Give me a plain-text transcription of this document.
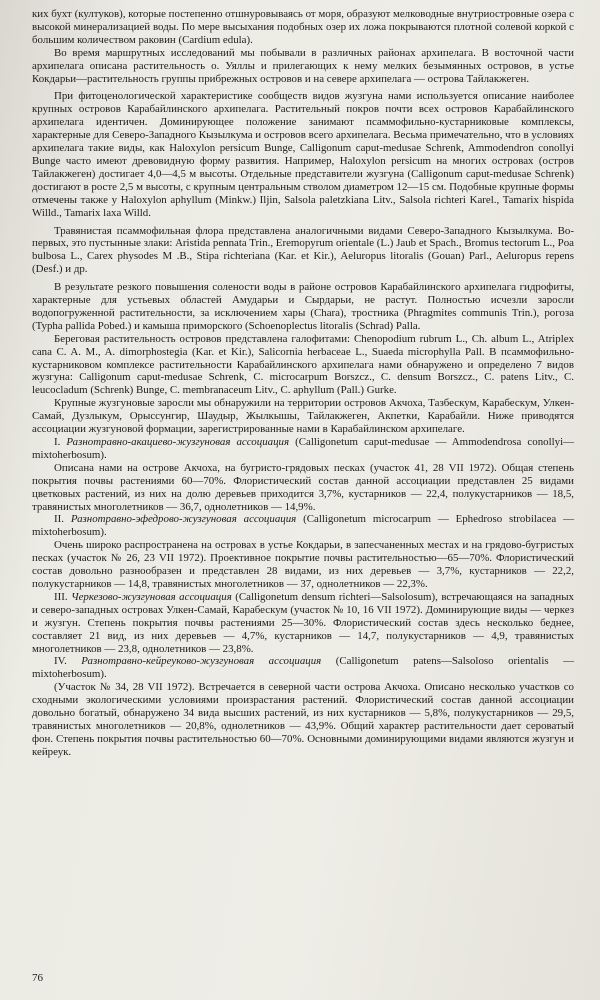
ких бухт (култуков), которые постепенно отшнуровываясь от моря, образуют мелководные внутриостровные озера с высокой минерализацией воды. По мере высыхания подобных озер их ложа покрываются плотной солевой коркой с большим количеством раковин (Cardium edula).

Во время маршрутных исследований мы побывали в различных районах архипелага. В восточной части архипелага описана растительность о. Уяллы и прилегающих к нему мелких безымянных островов, в устье Кокдарьи—растительность группы прибрежных островов и на севере архипелага — острова Тайлакжеген.

При фитоценологической характеристике сообществ видов жузгуна нами используется описание наиболее крупных островов Карабайлинского архипелага. Растительный покров почти всех островов Карабайлинского архипелага идентичен. Доминирующее положение занимают псаммофильно-кустарниковые комплексы, характерные для Северо-Западного Кызылкума и островов всего архипелага. Весьма примечательно, что в условиях архипелага такие виды, как Haloxylon persicum Bunge, Calligonum caput-medusae Schrenk, Ammodendron conollyi Bunge часто имеют древовидную форму развития. Например, Haloxylon persicum на многих островах (остров Тайлакжеген) достигает 4,0—4,5 м высоты. Отдельные представители жузгуна (Calligonum caput-medusae Schrenk) достигают в росте 2,5 м высоты, с крупным центральным стволом диаметром 12—15 см. Подобные крупные формы отмечены также у Haloxylon aphyllum (Minkw.) Iljin, Salsola paletzkiana Litv., Salsola richteri Karel., Tamarix hispida Willd., Tamarix laxa Willd.

Травянистая псаммофильная флора представлена аналогичными видами Северо-Западного Кызылкума. Во-первых, это пустынные злаки: Aristida pennata Trin., Eremopyrum orientale (L.) Jaub et Spach., Bromus tectorum L., Poa bulbosa L., Carex physodes M .B., Stipa richteriana (Kar. et Kir.), Aeluropus litoralis (Gouan) Parl., Aeluropus repens (Desf.) и др.

В результате резкого повышения солености воды в районе островов Карабайлинского архипелага гидрофиты, характерные для устьевых областей Амударьи и Сырдарьи, не растут. Полностью исчезли заросли водопогруженной растительности, за исключением хары (Chara), тростника (Phragmites communis Trin.), рогоза (Typha pallida Pobed.) и камыша приморского (Schoenoplectus litoralis (Schrad) Palla.

Береговая растительность островов представлена галофитами: Chenopodium rubrum L., Ch. album L., Atriplex cana C. A. M., A. dimorphostegia (Kar. et Kir.), Salicornia herbaceae L., Suaeda microphylla Pall. В псаммофильно-кустарниковом комплексе растительности Карабайлинского архипелага нами обнаружено и определено 7 видов жузгуна: Calligonum caput-medusae Schrenk, C. microcarpum Borszcz., C. densum Borszcz., C. patens Litv., C. leucocladum (Schrenk) Bunge, C. membranaceum Litv., C. aphyllum (Pall.) Gurke.

Крупные жузгуновые заросли мы обнаружили на территории островов Акчоха, Тазбескум, Карабескум, Улкен-Самай, Дузлыкум, Орыссунгир, Шаудыр, Жылкышы, Тайлакжеген, Акпетки, Карабайли. Ниже приводятся ассоциации жузгуновой формации, зарегистрированные нами в Карабайлинском архипелаге.

I. Разнотравно-акациево-жузгуновая ассоциация (Calligonetum caput-medusae — Ammodendrosa conollyi—mixtoherbosum).

Описана нами на острове Акчоха, на бугристо-грядовых песках (участок 41, 28 VII 1972). Общая степень покрытия почвы растениями 60—70%. Флористический состав данной ассоциации представлен 25 видами цветковых растений, из них на долю деревьев приходится 3,7%, кустарников — 22,4, полукустарников — 18,5, травянистых многолетников — 36,7, однолетников — 14,9%.

II. Разнотравно-эфедрово-жузгуновая ассоциация (Calligonetum microcarpum — Ephedroso strobilacea — mixtoherbosum).

Очень широко распространена на островах в устье Кокдарьи, в запесчаненных местах и на грядово-бугристых песках (участок № 26, 23 VII 1972). Проективное покрытие почвы растительностью—65—70%. Флористический состав довольно разнообразен и представлен 28 видами, из них деревьев — 3,7%, кустарников — 22,2, полукустарников — 14,8, травянистых многолетников — 37, однолетников — 22,3%.

III. Черкезово-жузгуновая ассоциация (Calligonetum densum richteri—Salsolosum), встречающаяся на западных и северо-западных островах Улкен-Самай, Карабескум (участок № 10, 16 VII 1972). Доминирующие виды — черкез и жузгун. Степень покрытия почвы растениями 25—30%. Флористический состав здесь несколько беднее, составляет 21 вид, из них деревьев — 4,7%, кустарников — 14,7, полукустарников — 4,9, травянистых многолетников — 23,8, однолетников — 23,8%.

IV. Разнотравно-кейреуково-жузгуновая ассоциация (Calligonetum patens—Salsoloso orientalis — mixtoherbosum).

(Участок № 34, 28 VII 1972). Встречается в северной части острова Акчоха. Описано несколько участков со сходными экологическими условиями произрастания растений. Флористический состав данной ассоциации довольно богатый, обнаружено 34 вида высших растений, из них кустарников — 5,8%, полукустарников — 29,5, травянистых многолетников — 20,8%, однолетников — 43,9%. Общий характер растительности дает сероватый фон. Степень покрытия почвы растительностью 60—70%. Основными доминирующими видами являются жузгун и кейреук.

76
